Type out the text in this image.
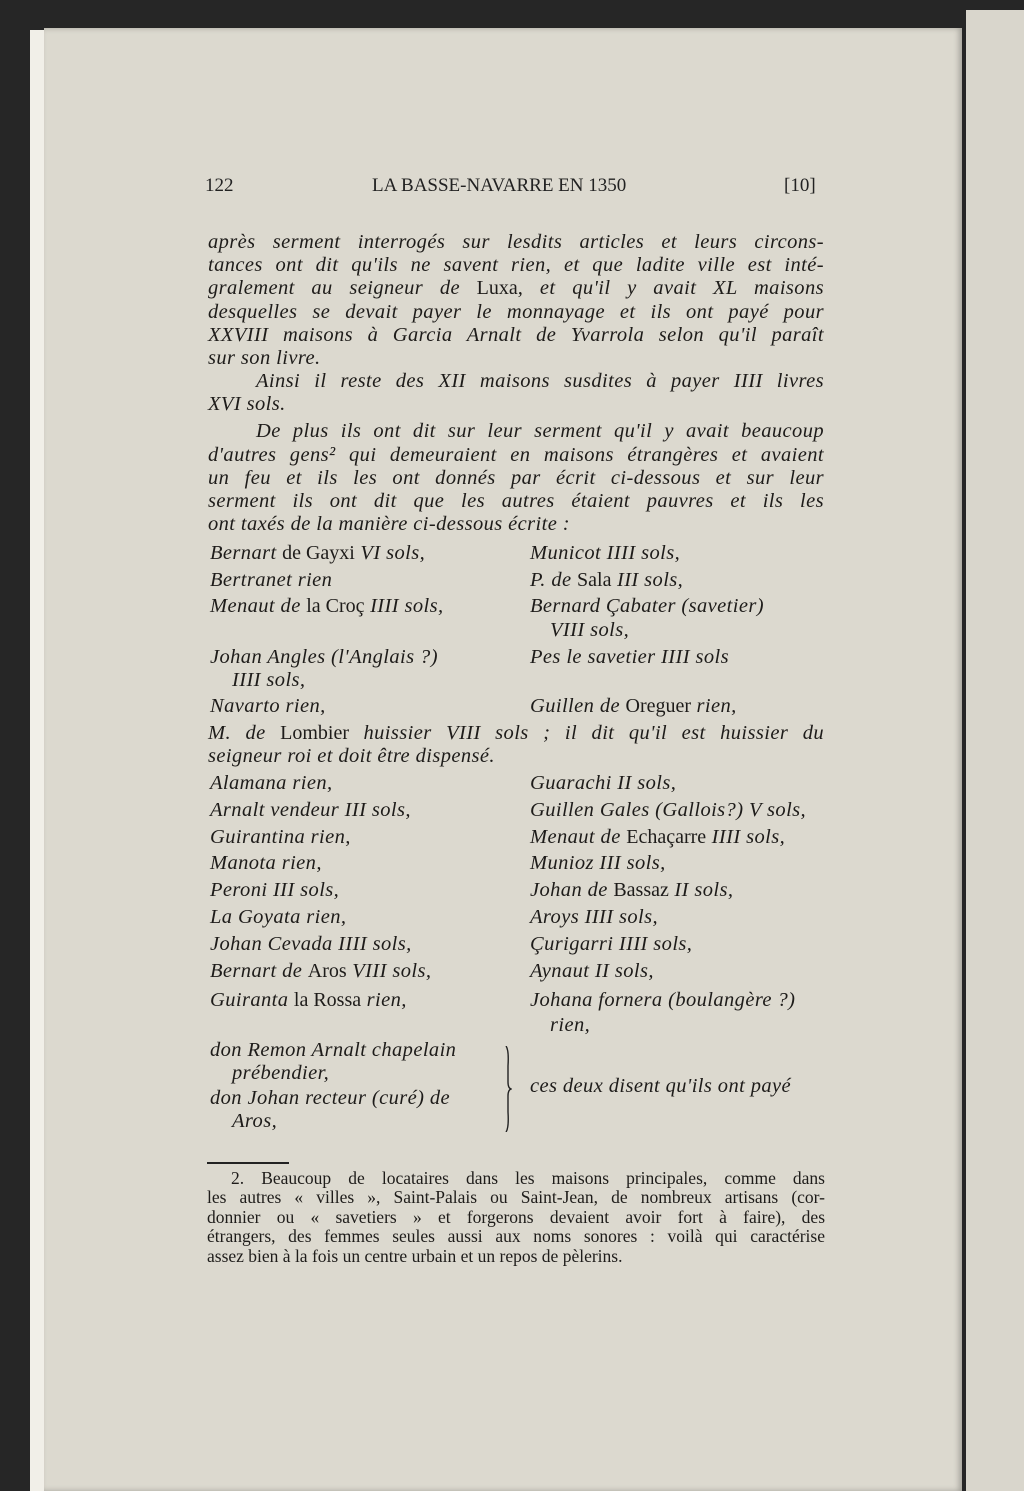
122	LA BASSE-NAVARRE EN 1350	[10]
après serment interrogés sur lesdits articles et leurs circons-
tances ont dit qu'ils ne savent rien, et que ladite ville est inté-
gralement au seigneur de Luxa, et qu'il y avait XL maisons
desquelles se devait payer le monnayage et ils ont payé pour
XXVIII maisons à Garcia Arnalt de Yvarrola selon qu'il paraît
sur son livre.
Ainsi il reste des XII maisons susdites à payer IIII livres
XVI sols.
De plus ils ont dit sur leur serment qu'il y avait beaucoup
d'autres gens² qui demeuraient en maisons étrangères et avaient
un feu et ils les ont donnés par écrit ci-dessous et sur leur
serment ils ont dit que les autres étaient pauvres et ils les
ont taxés de la manière ci-dessous écrite :
Bernart de Gayxi VI sols,
Bertranet rien
Menaut de la Croç IIII sols,
Johan Angles (l'Anglais ?)
IIII sols,
Navarto rien,
Alamana rien,
Arnalt vendeur III sols,
Guirantina rien,
Manota rien,
Peroni III sols,
La Goyata rien,
Johan Cevada IIII sols,
Bernart de Aros VIII sols,
Guiranta la Rossa rien,
don Remon Arnalt chapelain
prébendier,
don Johan recteur (curé) de
Aros,
Municot IIII sols,
P. de Sala III sols,
Bernard Çabater (savetier)
VIII sols,
Pes le savetier IIII sols
Guillen de Oreguer rien,
Guarachi II sols,
Guillen Gales (Gallois?) V sols,
Menaut de Echaçarre IIII sols,
Munioz III sols,
Johan de Bassaz II sols,
Aroys IIII sols,
Çurigarri IIII sols,
Aynaut II sols,
Johana fornera (boulangère ?)
rien,
ces deux disent qu'ils ont payé
M. de Lombier huissier VIII sols ; il dit qu'il est huissier du
seigneur roi et doit être dispensé.
2. Beaucoup de locataires dans les maisons principales, comme dans
les autres « villes », Saint-Palais ou Saint-Jean, de nombreux artisans (cor-
donnier ou « savetiers » et forgerons devaient avoir fort à faire), des
étrangers, des femmes seules aussi aux noms sonores : voilà qui caractérise
assez bien à la fois un centre urbain et un repos de pèlerins.
